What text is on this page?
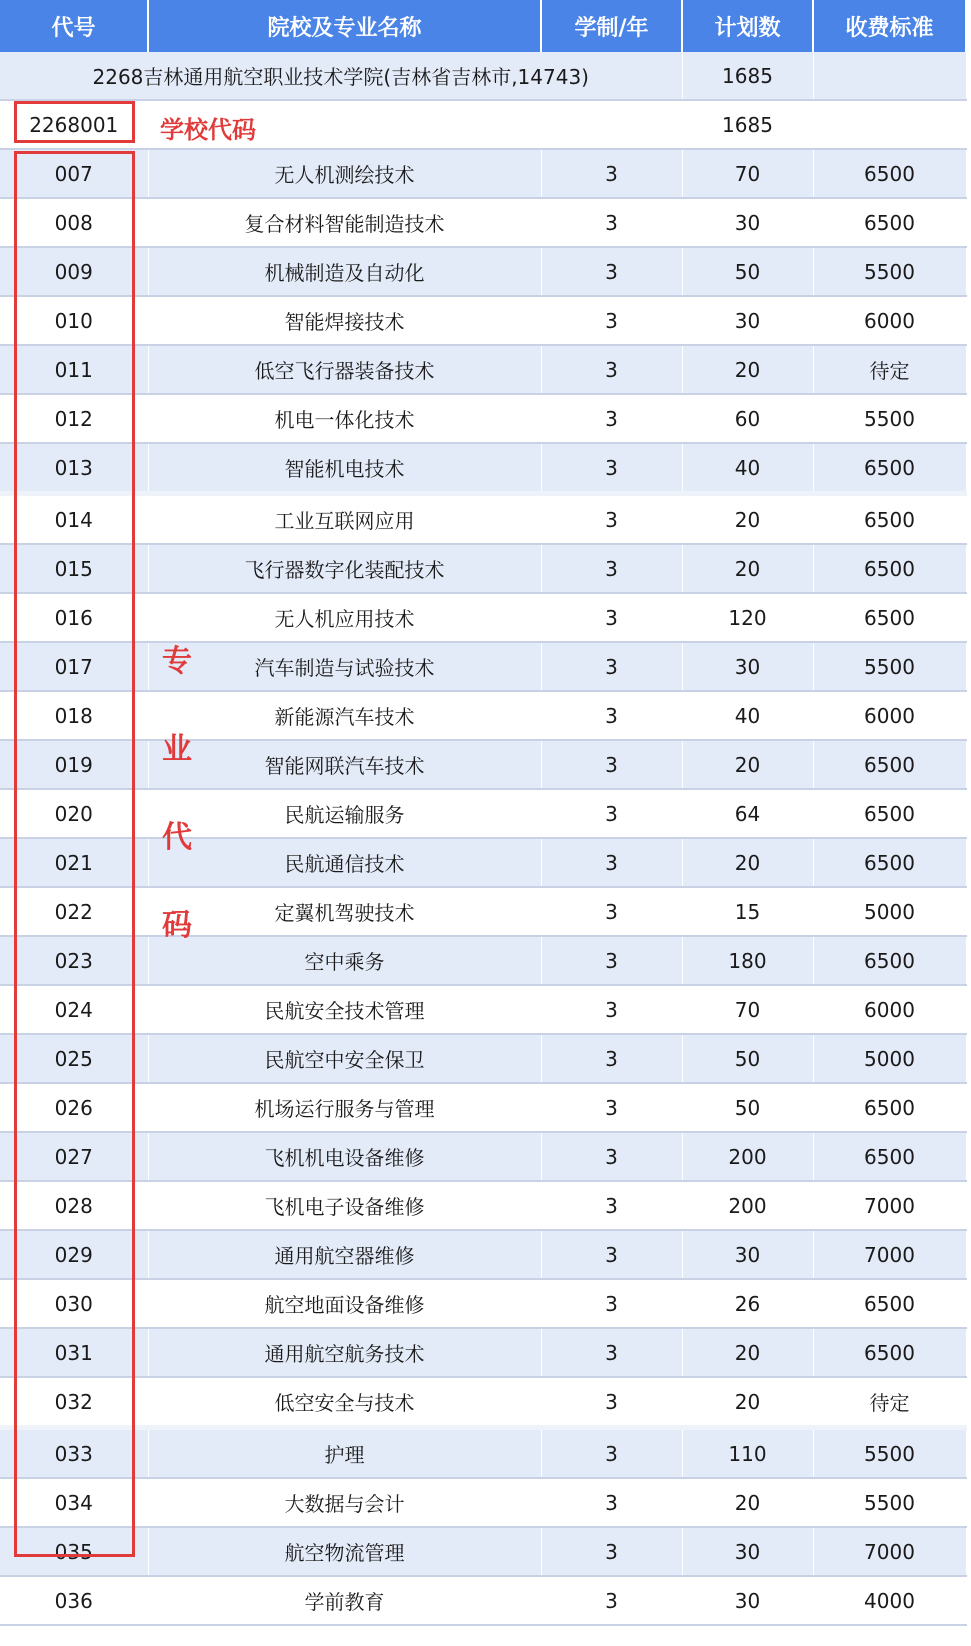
代号	院校及专业名称	学制/年	计划数	收费标准
2268吉林通用航空职业技术学院(吉林省吉林市,14743)			1685	
2268001			1685	
007	无人机测绘技术	3	70	6500
008	复合材料智能制造技术	3	30	6500
009	机械制造及自动化	3	50	5500
010	智能焊接技术	3	30	6000
011	低空飞行器装备技术	3	20	待定
012	机电一体化技术	3	60	5500
013	智能机电技术	3	40	6500
014	工业互联网应用	3	20	6500
015	飞行器数字化装配技术	3	20	6500
016	无人机应用技术	3	120	6500
017	汽车制造与试验技术	3	30	5500
018	新能源汽车技术	3	40	6000
019	智能网联汽车技术	3	20	6500
020	民航运输服务	3	64	6500
021	民航通信技术	3	20	6500
022	定翼机驾驶技术	3	15	5000
023	空中乘务	3	180	6500
024	民航安全技术管理	3	70	6000
025	民航空中安全保卫	3	50	5000
026	机场运行服务与管理	3	50	6500
027	飞机机电设备维修	3	200	6500
028	飞机电子设备维修	3	200	7000
029	通用航空器维修	3	30	7000
030	航空地面设备维修	3	26	6500
031	通用航空航务技术	3	20	6500
032	低空安全与技术	3	20	待定
033	护理	3	110	5500
034	大数据与会计	3	20	5500
035	航空物流管理	3	30	7000
036	学前教育	3	30	4000
学校代码
专
业
代
码
